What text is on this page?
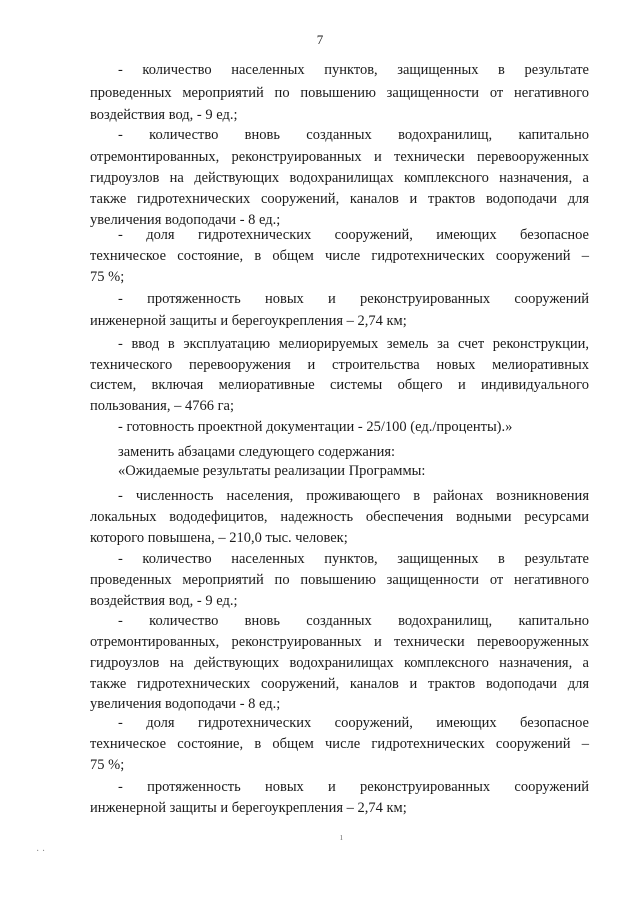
7
- количество населенных пунктов, защищенных в результате
проведенных мероприятий по повышению защищенности от негативного
воздействия вод, - 9 ед.;
- количество вновь созданных водохранилищ, капитально
отремонтированных, реконструированных и технически перевооруженных
гидроузлов на действующих водохранилищах комплексного назначения, а
также гидротехнических сооружений, каналов и трактов водоподачи для
увеличения водоподачи - 8 ед.;
- доля гидротехнических сооружений, имеющих безопасное
техническое состояние, в общем числе гидротехнических сооружений –
75 %;
- протяженность новых и реконструированных сооружений
инженерной защиты и берегоукрепления – 2,74 км;
- ввод в эксплуатацию мелиорируемых земель за счет реконструкции,
технического перевооружения и строительства новых мелиоративных
систем, включая мелиоративные системы общего и индивидуального
пользования, – 4766 га;
- готовность проектной документации - 25/100 (ед./проценты).»
заменить абзацами следующего содержания:
«Ожидаемые результаты реализации Программы:
- численность населения, проживающего в районах возникновения
локальных вододефицитов, надежность обеспечения водными ресурсами
которого повышена, – 210,0 тыс. человек;
- количество населенных пунктов, защищенных в результате
проведенных мероприятий по повышению защищенности от негативного
воздействия вод, - 9 ед.;
- количество вновь созданных водохранилищ, капитально
отремонтированных, реконструированных и технически перевооруженных
гидроузлов на действующих водохранилищах комплексного назначения, а
также гидротехнических сооружений, каналов и трактов водоподачи для
увеличения водоподачи - 8 ед.;
- доля гидротехнических сооружений, имеющих безопасное
техническое состояние, в общем числе гидротехнических сооружений –
75 %;
- протяженность новых и реконструированных сооружений
инженерной защиты и берегоукрепления – 2,74 км;
· ·
ı
